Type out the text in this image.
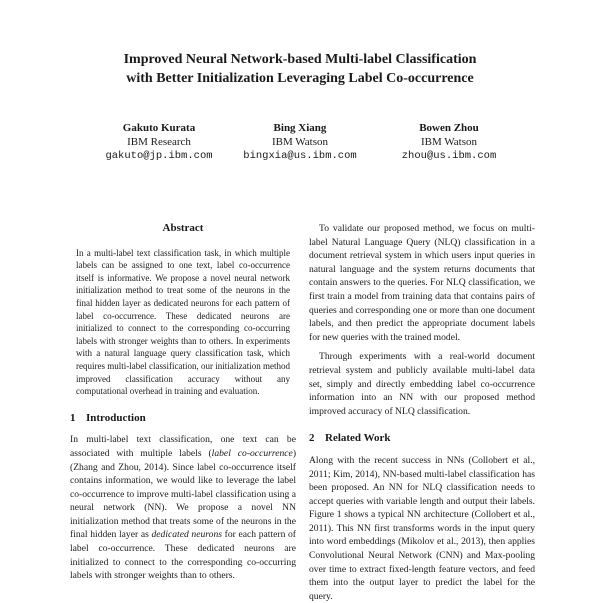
Improved Neural Network-based Multi-label Classification
with Better Initialization Leveraging Label Co-occurrence
Gakuto Kurata
IBM Research
gakuto@jp.ibm.com
Bing Xiang
IBM Watson
bingxia@us.ibm.com
Bowen Zhou
IBM Watson
zhou@us.ibm.com
Abstract

In a multi-label text classification task, in which multiple labels can be assigned to one text, label co-occurrence itself is informative. We propose a novel neural network initialization method to treat some of the neurons in the final hidden layer as dedicated neurons for each pattern of label co-occurrence. These dedicated neurons are initialized to connect to the corresponding co-occurring labels with stronger weights than to others. In experiments with a natural language query classification task, which requires multi-label classification, our initialization method improved classification accuracy without any computational overhead in training and evaluation.

1 Introduction

In multi-label text classification, one text can be associated with multiple labels (label co-occurrence) (Zhang and Zhou, 2014). Since label co-occurrence itself contains information, we would like to leverage the label co-occurrence to improve multi-label classification using a neural network (NN). We propose a novel NN initialization method that treats some of the neurons in the final hidden layer as dedicated neurons for each pattern of label co-occurrence. These dedicated neurons are initialized to connect to the corresponding co-occurring labels with stronger weights than to others.

To validate our proposed method, we focus on multi-label Natural Language Query (NLQ) classification in a document retrieval system in which users input queries in natural language and the system returns documents that contain answers to the queries. For NLQ classification, we first train a model from training data that contains pairs of queries and corresponding one or more than one document labels, and then predict the appropriate document labels for new queries with the trained model.

Through experiments with a real-world document retrieval system and publicly available multi-label data set, simply and directly embedding label co-occurrence information into an NN with our proposed method improved accuracy of NLQ classification.

2 Related Work

Along with the recent success in NNs (Collobert et al., 2011; Kim, 2014), NN-based multi-label classification has been proposed. An NN for NLQ classification needs to accept queries with variable length and output their labels. Figure 1 shows a typical NN architecture (Collobert et al., 2011). This NN first transforms words in the input query into word embeddings (Mikolov et al., 2013), then applies Convolutional Neural Network (CNN) and Max-pooling over time to extract fixed-length feature vectors, and feed them into the output layer to predict the label for the query.
